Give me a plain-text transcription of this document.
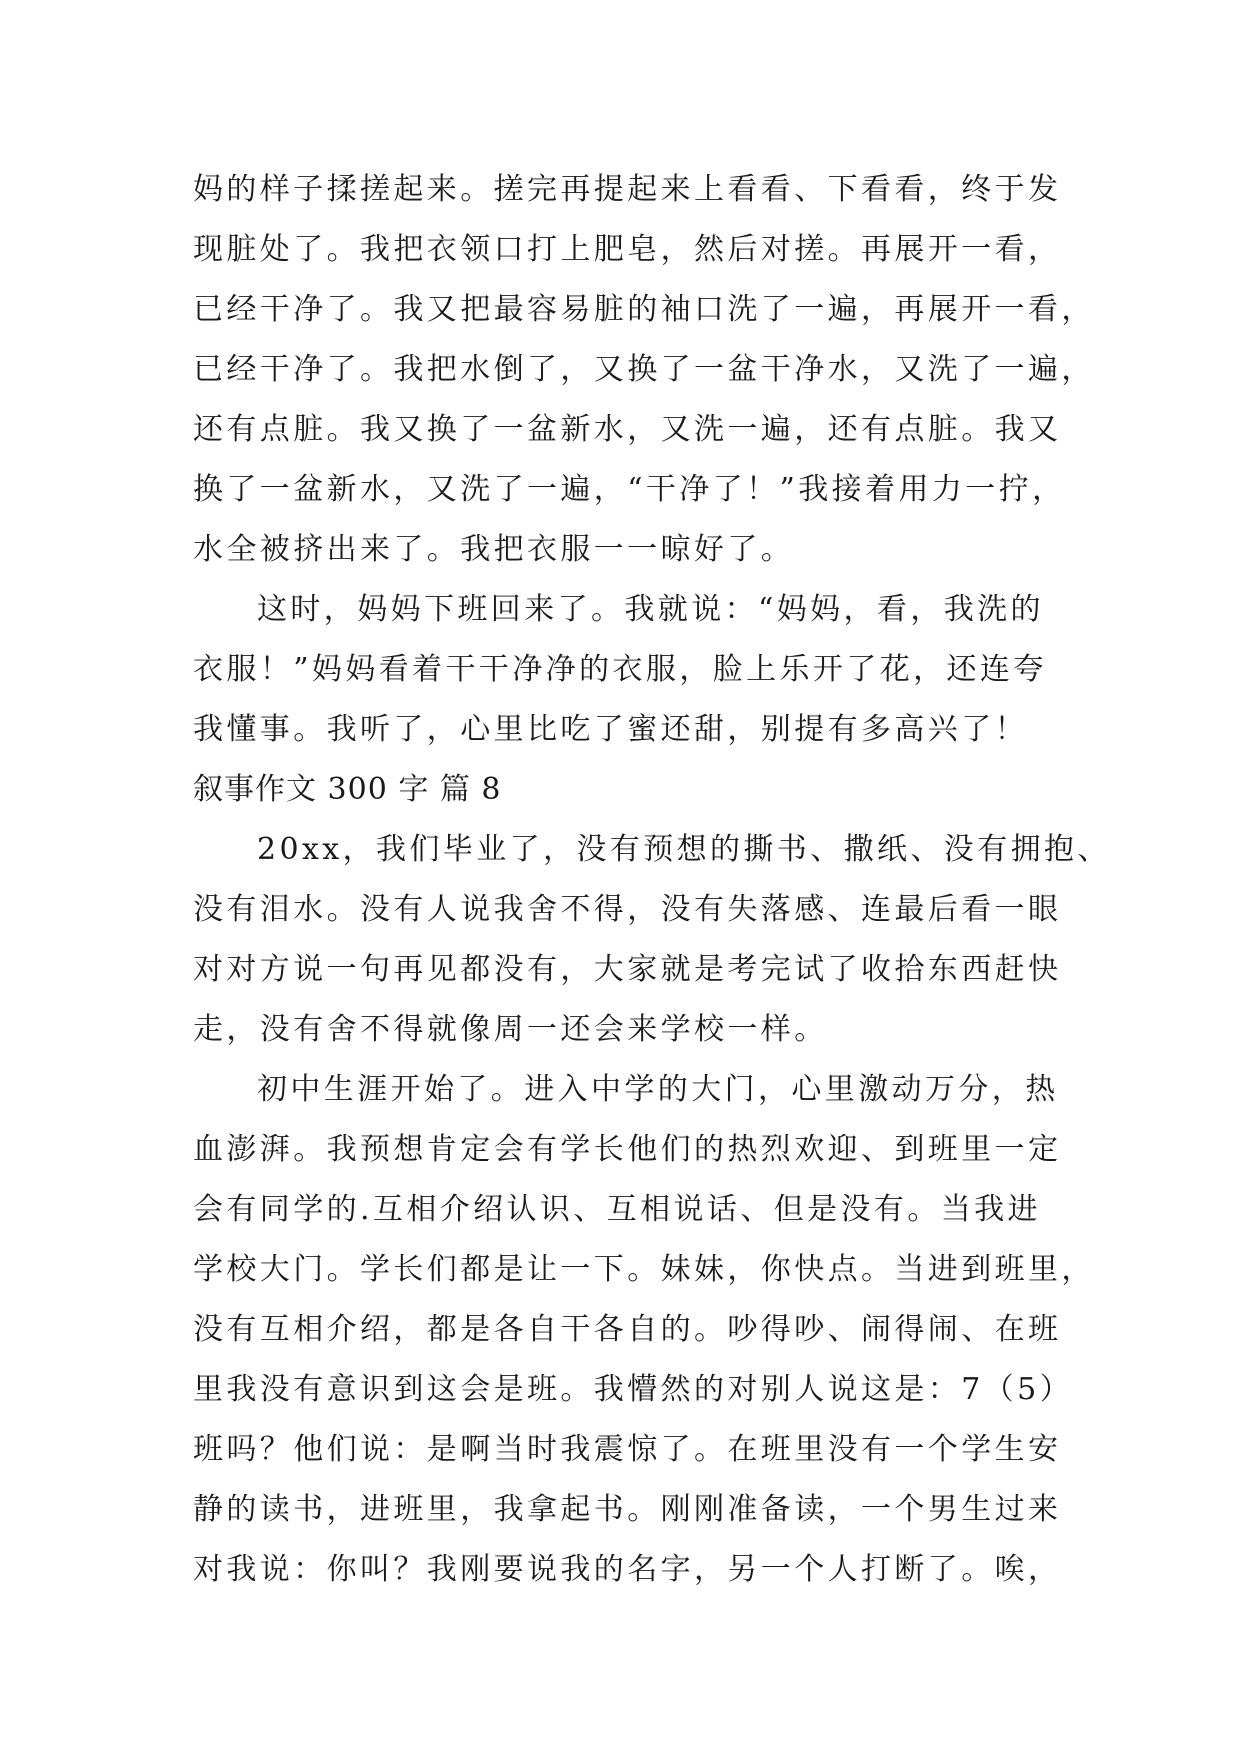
妈的样子揉搓起来。搓完再提起来上看看、下看看，终于发
现脏处了。我把衣领口打上肥皂，然后对搓。再展开一看，
已经干净了。我又把最容易脏的袖口洗了一遍，再展开一看，
已经干净了。我把水倒了，又换了一盆干净水，又洗了一遍，
还有点脏。我又换了一盆新水，又洗一遍，还有点脏。我又
换了一盆新水，又洗了一遍，“干净了！”我接着用力一拧，
水全被挤出来了。我把衣服一一晾好了。
这时，妈妈下班回来了。我就说：“妈妈，看，我洗的
衣服！”妈妈看着干干净净的衣服，脸上乐开了花，还连夸
我懂事。我听了，心里比吃了蜜还甜，别提有多高兴了！
叙事作文 300 字 篇 8
20xx，我们毕业了，没有预想的撕书、撒纸、没有拥抱、
没有泪水。没有人说我舍不得，没有失落感、连最后看一眼
对对方说一句再见都没有，大家就是考完试了收拾东西赶快
走，没有舍不得就像周一还会来学校一样。
初中生涯开始了。进入中学的大门，心里激动万分，热
血澎湃。我预想肯定会有学长他们的热烈欢迎、到班里一定
会有同学的.互相介绍认识、互相说话、但是没有。当我进
学校大门。学长们都是让一下。妹妹，你快点。当进到班里，
没有互相介绍，都是各自干各自的。吵得吵、闹得闹、在班
里我没有意识到这会是班。我懵然的对别人说这是：7（5）
班吗？他们说：是啊当时我震惊了。在班里没有一个学生安
静的读书，进班里，我拿起书。刚刚准备读，一个男生过来
对我说：你叫？我刚要说我的名字，另一个人打断了。唉，
